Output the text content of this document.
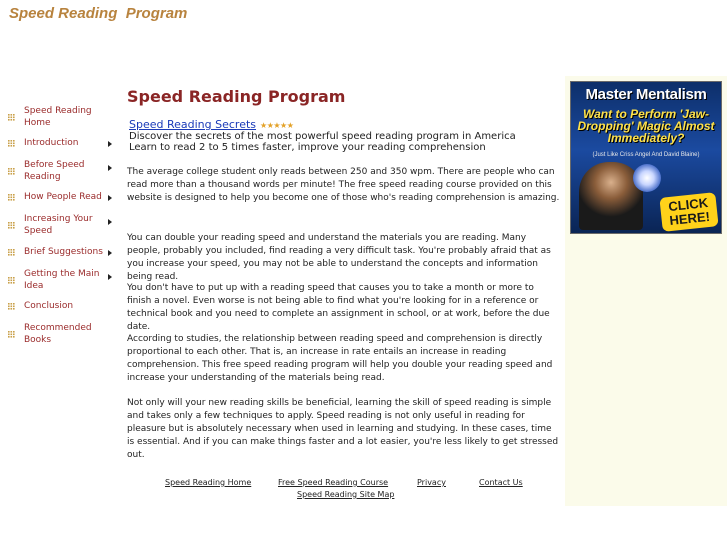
Speed Reading  Program
Master Mentalism
Want to Perform 'Jaw-Dropping' Magic Almost Immediately?
(Just Like Criss Angel And David Blaine)
CLICK HERE!
Speed Reading
Home
Introduction
Before Speed
Reading
How People Read
Increasing Your
Speed
Brief Suggestions
Getting the Main
Idea
Conclusion
Recommended
Books
Speed Reading Program
Speed Reading Secrets ★★★★★
Discover the secrets of the most powerful speed reading program in America
Learn to read 2 to 5 times faster, improve your reading comprehension

The average college student only reads between 250 and 350 wpm. There are people who can read more than a thousand words per minute! The free speed reading course provided on this website is designed to help you become one of those who's reading comprehension is amazing.

You can double your reading speed and understand the materials you are reading. Many people, probably you included, find reading a very difficult task. You're probably afraid that as you increase your speed, you may not be able to understand the concepts and information being read.

You don't have to put up with a reading speed that causes you to take a month or more to finish a novel. Even worse is not being able to find what you're looking for in a reference or technical book and you need to complete an assignment in school, or at work, before the due date.

According to studies, the relationship between reading speed and comprehension is directly proportional to each other. That is, an increase in rate entails an increase in reading comprehension. This free speed reading program will help you double your reading speed and increase your understanding of the materials being read.

Not only will your new reading skills be beneficial, learning the skill of speed reading is simple and takes only a few techniques to apply. Speed reading is not only useful in reading for pleasure but is absolutely necessary when used in learning and studying. In these cases, time is essential. And if you can make things faster and a lot easier, you're less likely to get stressed out.

Speed Reading Home	Free Speed Reading Course	Privacy	Contact Us
Speed Reading Site Map
